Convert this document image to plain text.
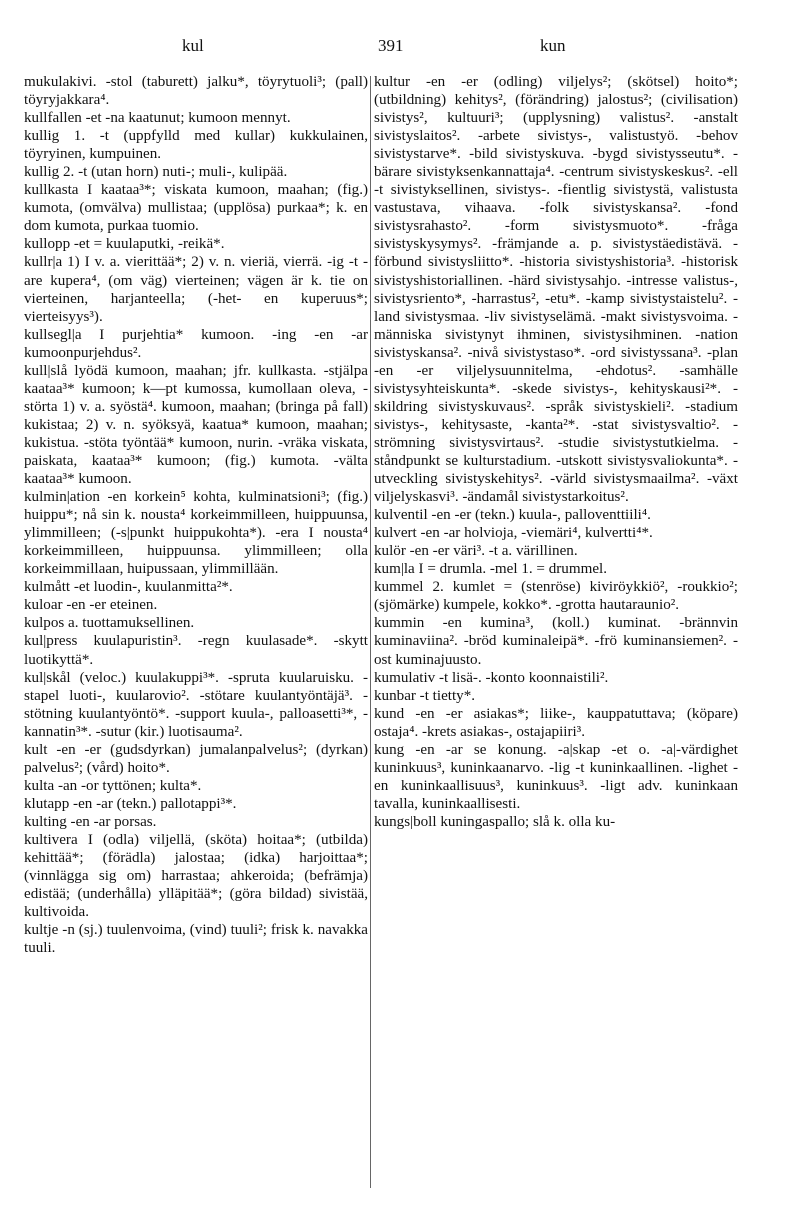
kul	391	kun

mukulakivi. -stol (taburett) jalku*, töyrytuoli³; (pall) töyryjakkara⁴.

kullfallen -et -na kaatunut; kumoon mennyt.

kullig 1. -t (uppfylld med kullar) kukkulainen, töyryinen, kumpuinen.

kullig 2. -t (utan horn) nuti-; muli-, kulipää.

kullkasta I kaataa³*; viskata kumoon, maahan; (fig.) kumota, (omvälva) mullistaa; (upplösa) purkaa*; k. en dom kumota, purkaa tuomio.

kullopp -et = kuulaputki, -reikä*.

kullr|a 1) I v. a. vierittää*; 2) v. n. vieriä, vierrä. -ig -t -are kupera⁴, (om väg) vierteinen; vägen är k. tie on vierteinen, harjanteella; (-het- en kuperuus*; vierteisyys³).

kullsegl|a I purjehtia* kumoon. -ing -en -ar kumoonpurjehdus².

kull|slå lyödä kumoon, maahan; jfr. kullkasta. -stjälpa kaataa³* kumoon; k—pt kumossa, kumollaan oleva, -störta 1) v. a. syöstä⁴. kumoon, maahan; (bringa på fall) kukistaa; 2) v. n. syöksyä, kaatua* kumoon, maahan; kukistua. -stöta työntää* kumoon, nurin. -vräka viskata, paiskata, kaataa³* kumoon; (fig.) kumota. -välta kaataa³* kumoon.

kulmin|ation -en korkein⁵ kohta, kulminatsioni³; (fig.) huippu*; nå sin k. nousta⁴ korkeimmilleen, huippuunsa, ylimmilleen; (-s|punkt huippukohta*). -era I nousta⁴ korkeimmilleen, huippuunsa. ylimmilleen; olla korkeimmillaan, huipussaan, ylimmillään.

kulmått -et luodin-, kuulanmitta²*.

kuloar -en -er eteinen.

kulpos a. tuottamuksellinen.

kul|press kuulapuristin³. -regn kuulasade*. -skytt luotikyttä*.

kul|skål (veloc.) kuulakuppi³*. -spruta kuularuisku. -stapel luoti-, kuularovio². -stötare kuulantyöntäjä³. -stötning kuulantyöntö*. -support kuula-, palloasetti³*, -kannatin³*. -sutur (kir.) luotisauma².

kult -en -er (gudsdyrkan) jumalanpalvelus²; (dyrkan) palvelus²; (vård) hoito*.

kulta -an -or tyttönen; kulta*.

klutapp -en -ar (tekn.) pallotappi³*.

kulting -en -ar porsas.

kultivera I (odla) viljellä, (sköta) hoitaa*; (utbilda) kehittää*; (förädla) jalostaa; (idka) harjoittaa*; (vinnlägga sig om) harrastaa; ahkeroida; (befrämja) edistää; (underhålla) ylläpitää*; (göra bildad) sivistää, kultivoida.

kultje -n (sj.) tuulenvoima, (vind) tuuli²; frisk k. navakka tuuli.

kultur -en -er (odling) viljelys²; (skötsel) hoito*; (utbildning) kehitys², (förändring) jalostus²; (civilisation) sivistys², kultuuri³; (upplysning) valistus². -anstalt sivistyslaitos². -arbete sivistys-, valistustyö. -behov sivistystarve*. -bild sivistyskuva. -bygd sivistysseutu*. -bärare sivistyksenkannattaja⁴. -centrum sivistyskeskus². -ell -t sivistyksellinen, sivistys-. -fientlig sivistystä, valistusta vastustava, vihaava. -folk sivistyskansa². -fond sivistysrahasto². -form sivistysmuoto*. -fråga sivistyskysymys². -främjande a. p. sivistystäedistävä. -förbund sivistysliitto*. -historia sivistyshistoria³. -historisk sivistyshistoriallinen. -härd sivistysahjo. -intresse valistus-, sivistysriento*, -harrastus², -etu*. -kamp sivistystaistelu². -land sivistysmaa. -liv sivistyselämä. -makt sivistysvoima. -människa sivistynyt ihminen, sivistysihminen. -nation sivistyskansa². -nivå sivistystaso*. -ord sivistyssana³. -plan -en -er viljelysuunnitelma, -ehdotus². -samhälle sivistysyhteiskunta*. -skede sivistys-, kehityskausi²*. -skildring sivistyskuvaus². -språk sivistyskieli². -stadium sivistys-, kehitysaste, -kanta²*. -stat sivistysvaltio². -strömning sivistysvirtaus². -studie sivistystutkielma. -ståndpunkt se kulturstadium. -utskott sivistysvaliokunta*. -utveckling sivistyskehitys². -värld sivistysmaailma². -växt viljelyskasvi³. -ändamål sivistystarkoitus².

kulventil -en -er (tekn.) kuula-, palloventtiili⁴.

kulvert -en -ar holvioja, -viemäri⁴, kulvertti⁴*.

kulör -en -er väri³. -t a. värillinen.

kum|la I = drumla. -mel 1. = drummel.

kummel 2. kumlet = (stenröse) kiviröykkiö², -roukkio²; (sjömärke) kumpele, kokko*. -grotta hautaraunio².

kummin -en kumina³, (koll.) kuminat. -brännvin kuminaviina². -bröd kuminaleipä*. -frö kuminansiemen². -ost kuminajuusto.

kumulativ -t lisä-. -konto koonnaistili².

kunbar -t tietty*.

kund -en -er asiakas*; liike-, kauppatuttava; (köpare) ostaja⁴. -krets asiakas-, ostajapiiri³.

kung -en -ar se konung. -a|skap -et o. -a|-värdighet kuninkuus³, kuninkaanarvo. -lig -t kuninkaallinen. -lighet -en kuninkaallisuus³, kuninkuus³. -ligt adv. kuninkaan tavalla, kuninkaallisesti.

kungs|boll kuningaspallo; slå k. olla ku-
